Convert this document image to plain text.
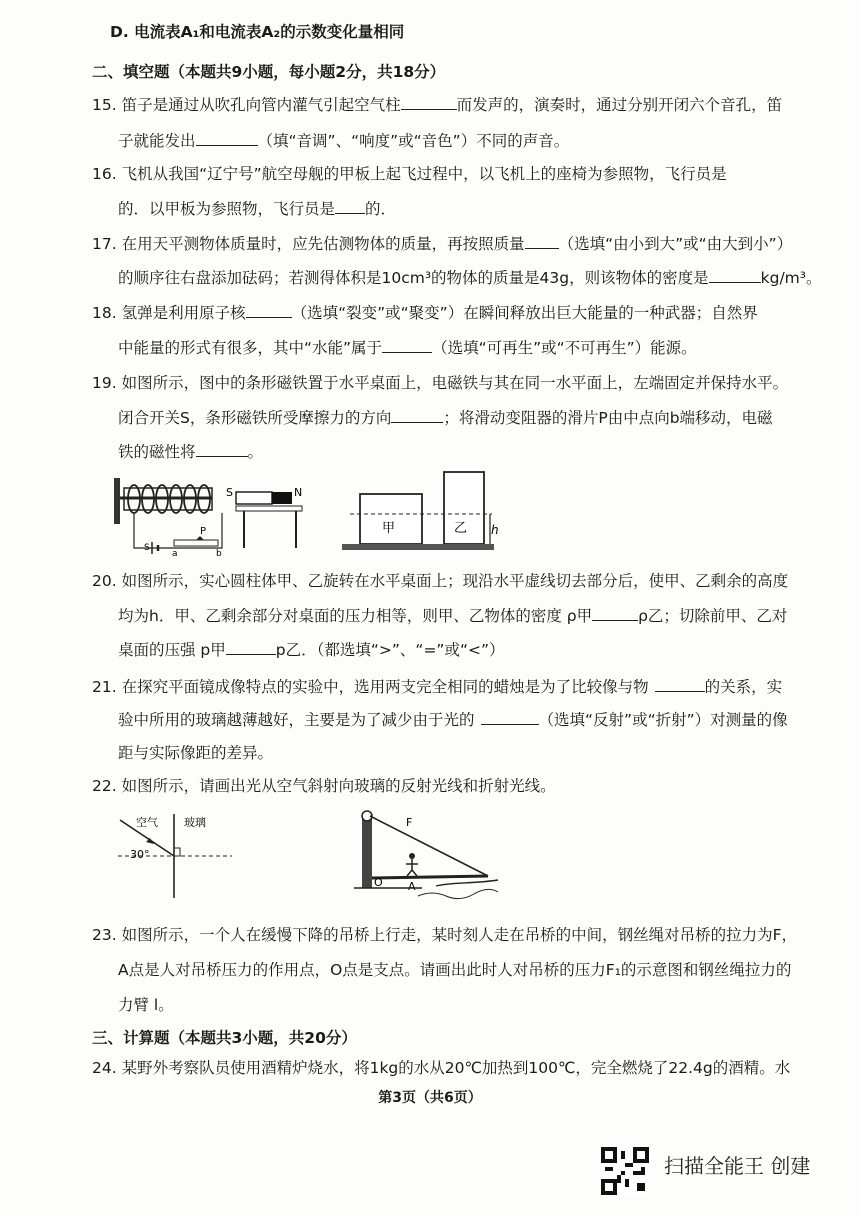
D. 电流表A₁和电流表A₂的示数变化量相同
二、填空题（本题共9小题，每小题2分，共18分）
15. 笛子是通过从吹孔向管内灌气引起空气柱	而发声的，演奏时，通过分别开闭六个音孔，笛
子就能发出	（填“音调”、“响度”或“音色”）不同的声音。
16. 飞机从我国“辽宁号”航空母舰的甲板上起飞过程中，以飞机上的座椅为参照物，飞行员是
的．以甲板为参照物，飞行员是 的．
17. 在用天平测物体质量时，应先估测物体的质量，再按照质量 （选填“由小到大”或“由大到小”）
的顺序往右盘添加砝码；若测得体积是10cm³的物体的质量是43g，则该物体的密度是	kg/m³。
18. 氢弹是利用原子核	（选填“裂变”或“聚变”）在瞬间释放出巨大能量的一种武器；自然界
中能量的形式有很多，其中“水能”属于	（选填“可再生”或“不可再生”）能源。
19. 如图所示，图中的条形磁铁置于水平桌面上，电磁铁与其在同一水平面上，左端固定并保持水平。
闭合开关S，条形磁铁所受摩擦力的方向	；将滑动变阻器的滑片P由中点向b端移动，电磁
铁的磁性将	。
P
a	b
S
S	N
甲	乙 h
20. 如图所示，实心圆柱体甲、乙旋转在水平桌面上；现沿水平虚线切去部分后，使甲、乙剩余的高度
均为h．甲、乙剩余部分对桌面的压力相等，则甲、乙物体的密度 ρ甲	ρ乙；切除前甲、乙对
桌面的压强 p甲	p乙．（都选填“>”、“=”或“<”）
21. 在探究平面镜成像特点的实验中，选用两支完全相同的蜡烛是为了比较像与物	的关系，实
验中所用的玻璃越薄越好，主要是为了减少由于光的	（选填“反射”或“折射”）对测量的像
距与实际像距的差异。
22. 如图所示，请画出光从空气斜射向玻璃的反射光线和折射光线。
空气 玻璃
30°
F
O A
23. 如图所示，一个人在缓慢下降的吊桥上行走，某时刻人走在吊桥的中间，钢丝绳对吊桥的拉力为F，
A点是人对吊桥压力的作用点，O点是支点。请画出此时人对吊桥的压力F₁的示意图和钢丝绳拉力的
力臂 l。
三、计算题（本题共3小题，共20分）
24. 某野外考察队员使用酒精炉烧水，将1kg的水从20℃加热到100℃，完全燃烧了22.4g的酒精。水
第3页（共6页）
扫描全能王 创建
